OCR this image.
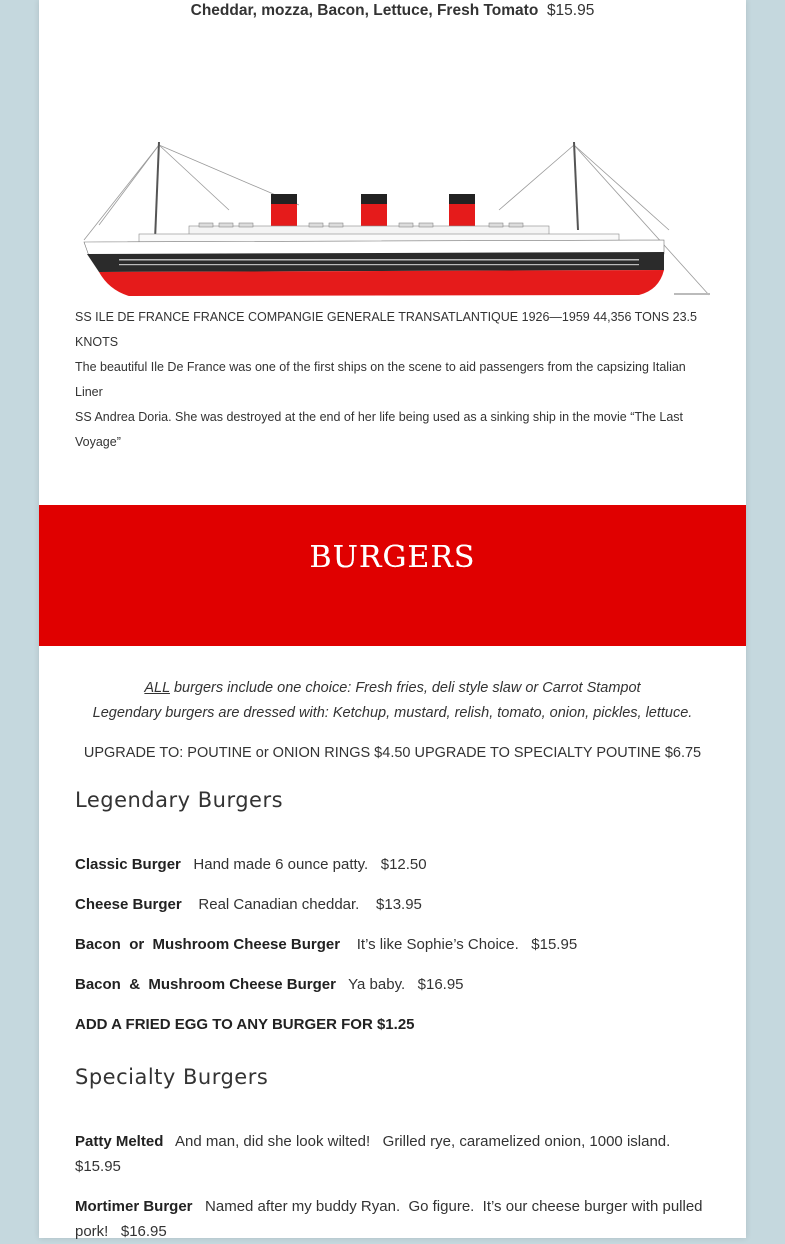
Cheddar, mozza, Bacon, Lettuce, Fresh Tomato $15.95
SS ILE DE FRANCE FRANCE COMPANGIE GENERALE TRANSATLANTIQUE 1926—1959 44,356 TONS 23.5 KNOTS
The beautiful Ile De France was one of the first ships on the scene to aid passengers from the capsizing Italian Liner
SS Andrea Doria. She was destroyed at the end of her life being used as a sinking ship in the movie “The Last Voyage”
BURGERS
ALL burgers include one choice: Fresh fries, deli style slaw or Carrot Stampot
Legendary burgers are dressed with: Ketchup, mustard, relish, tomato, onion, pickles, lettuce.
UPGRADE TO: POUTINE or ONION RINGS $4.50 UPGRADE TO SPECIALTY POUTINE $6.75
Legendary Burgers
Classic Burger   Hand made 6 ounce patty.   $12.50
Cheese Burger    Real Canadian cheddar.    $13.95
Bacon or Mushroom Cheese Burger    It’s like Sophie’s Choice.   $15.95
Bacon & Mushroom Cheese Burger   Ya baby.   $16.95
ADD A FRIED EGG TO ANY BURGER FOR $1.25
Specialty Burgers
Patty Melted   And man, did she look wilted!   Grilled rye, caramelized onion, 1000 island.   $15.95
Mortimer Burger   Named after my buddy Ryan.  Go figure.  It’s our cheese burger with pulled pork!   $16.95
